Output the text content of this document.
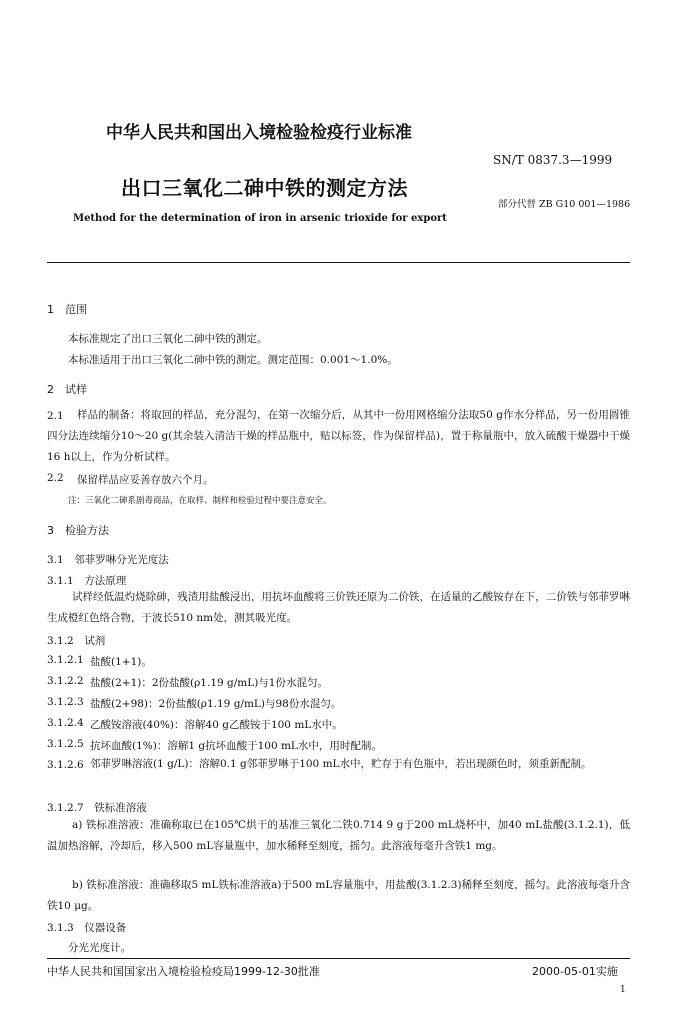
中华人民共和国出入境检验检疫行业标准
SN/T 0837.3—1999
出口三氧化二砷中铁的测定方法
部分代替 ZB G10 001—1986
Method for the determination of iron in arsenic trioxide for export
1　范围
本标准规定了出口三氧化二砷中铁的测定。
本标准适用于出口三氧化二砷中铁的测定。测定范围：0.001～1.0%。
2　试样
2.1	样品的制备：将取回的样品，充分混匀，在第一次缩分后，从其中一份用网格缩分法取50 g作水分样品，另一份用圆锥四分法连续缩分10～20 g(其余装入清洁干燥的样品瓶中，贴以标签，作为保留样品)，置于称量瓶中，放入硫酸干燥器中干燥16 h以上，作为分析试样。
2.2 保留样品应妥善存放六个月。
注：三氧化二砷系剧毒商品，在取样、制样和检验过程中要注意安全。
3　检验方法
3.1　邻菲罗啉分光光度法
3.1.1　方法原理
试样经低温灼烧除砷，残渣用盐酸浸出，用抗坏血酸将三价铁还原为二价铁，在适量的乙酸铵存在下，二价铁与邻菲罗啉生成橙红色络合物，于波长510 nm处，测其吸光度。
3.1.2　试剂
3.1.2.1 盐酸(1+1)。
3.1.2.2 盐酸(2+1)：2份盐酸(ρ1.19 g/mL)与1份水混匀。
3.1.2.3 盐酸(2+98)：2份盐酸(ρ1.19 g/mL)与98份水混匀。
3.1.2.4 乙酸铵溶液(40%)：溶解40 g乙酸铵于100 mL水中。
3.1.2.5 抗坏血酸(1%)：溶解1 g抗坏血酸于100 mL水中，用时配制。
3.1.2.6 邻菲罗啉溶液(1 g/L)：溶解0.1 g邻菲罗啉于100 mL水中，贮存于有色瓶中，若出现颜色时，须重新配制。
3.1.2.7　铁标准溶液
a) 铁标准溶液：准确称取已在105℃烘干的基准三氧化二铁0.714 9 g于200 mL烧杯中，加40 mL盐酸(3.1.2.1)，低温加热溶解，冷却后，移入500 mL容量瓶中，加水稀释至刻度，摇匀。此溶液每毫升含铁1 mg。
b) 铁标准溶液：准确移取5 mL铁标准溶液a)于500 mL容量瓶中，用盐酸(3.1.2.3)稀释至刻度，摇匀。此溶液每毫升含铁10 μg。
3.1.3　仪器设备
分光光度计。
中华人民共和国国家出入境检验检疫局1999-12-30批准	2000-05-01实施
1
